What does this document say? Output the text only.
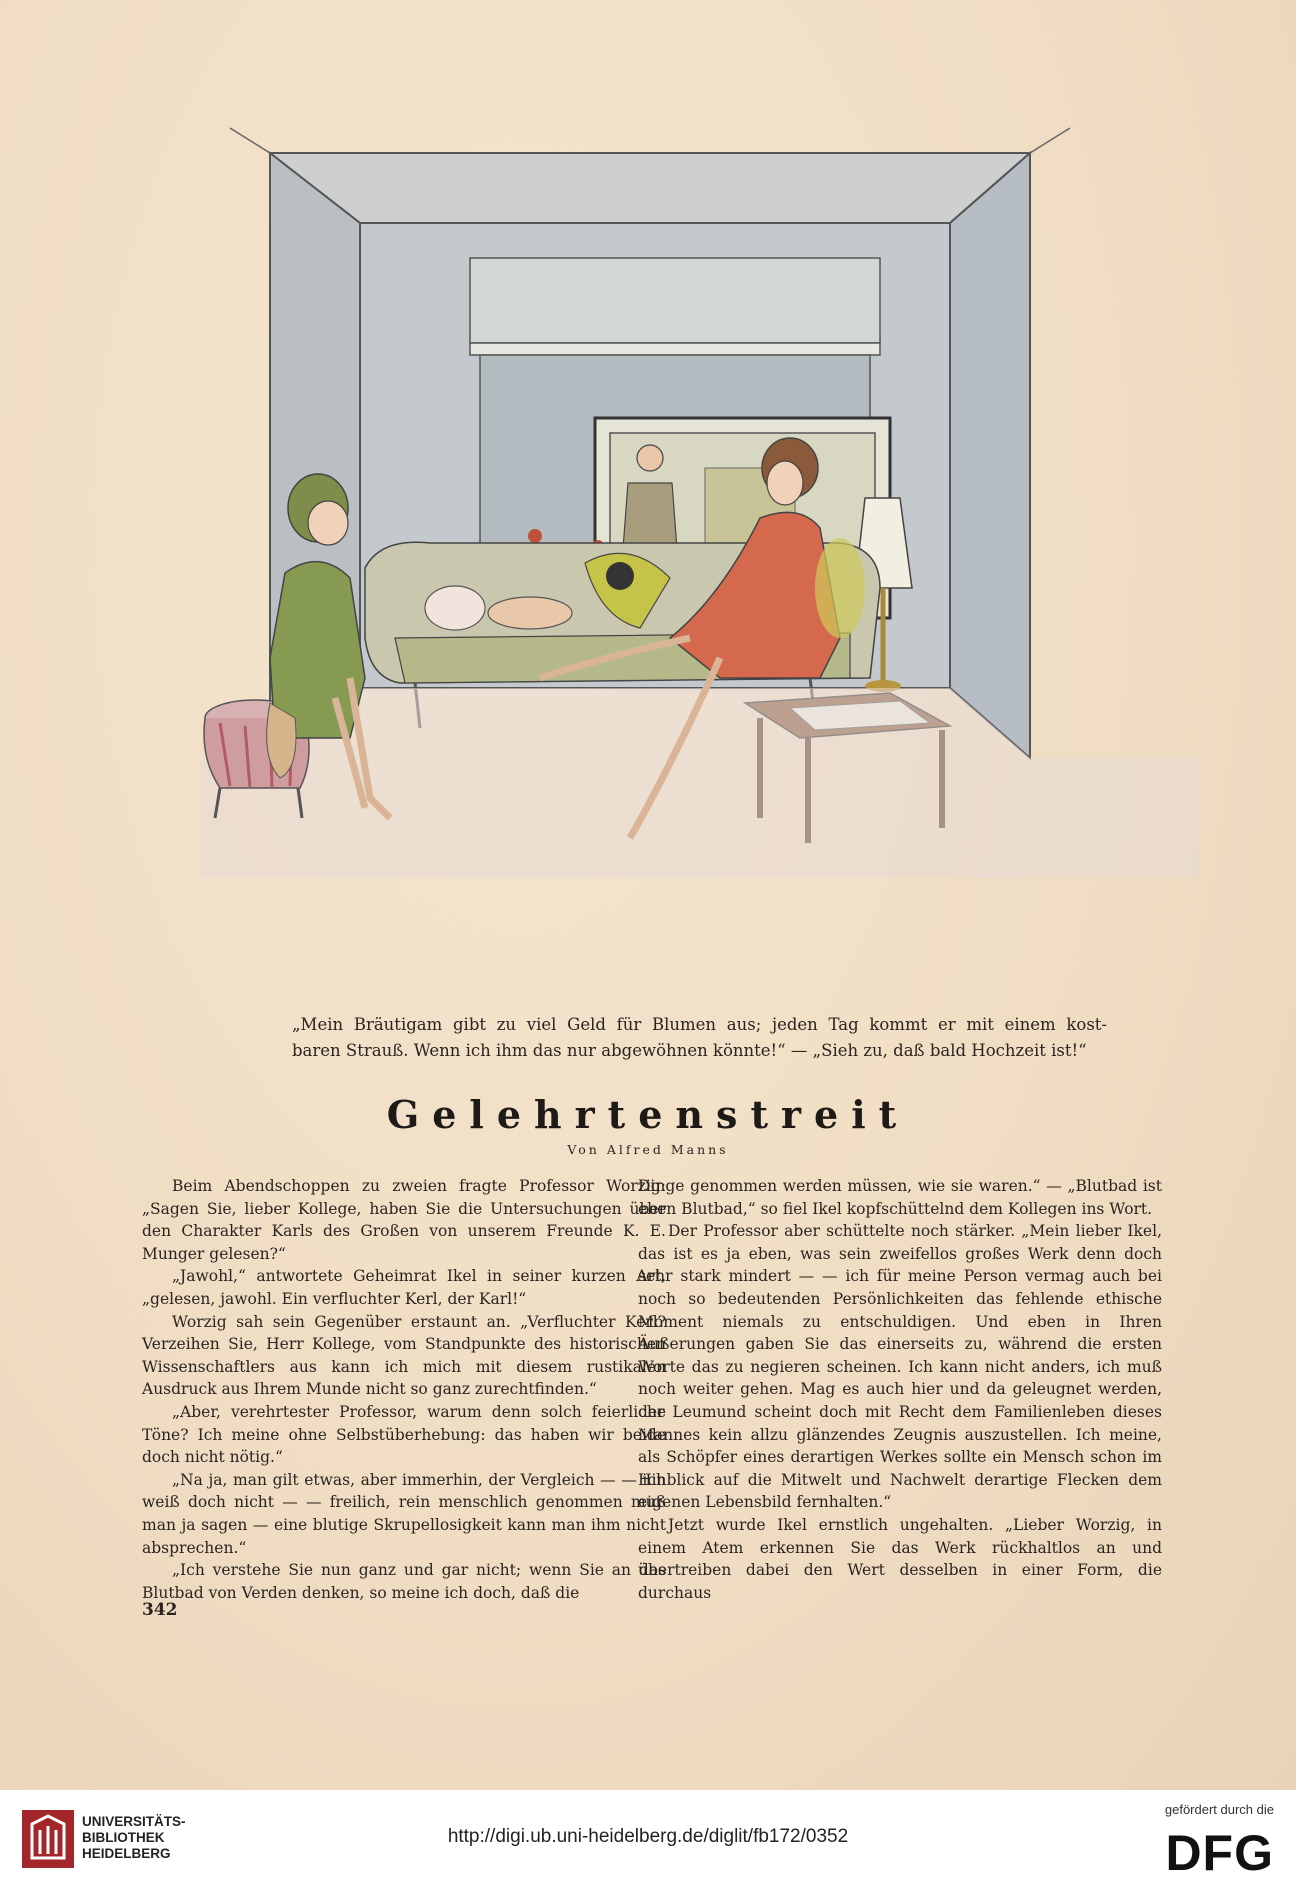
„Mein Bräutigam gibt zu viel Geld für Blumen aus; jeden Tag kommt er mit einem kost-
baren Strauß. Wenn ich ihm das nur abgewöhnen könnte!“ — „Sieh zu, daß bald Hochzeit ist!“
Gelehrtenstreit
Von Alfred Manns

Beim Abendschoppen zu zweien fragte Professor Worzig: „Sagen Sie, lieber Kollege, haben Sie die Untersuchungen über den Charakter Karls des Großen von unserem Freunde K. E. Munger gelesen?“

„Jawohl,“ antwortete Geheimrat Ikel in seiner kurzen Art, „gelesen, jawohl. Ein verfluchter Kerl, der Karl!“

Worzig sah sein Gegenüber erstaunt an. „Verfluchter Kerl? Verzeihen Sie, Herr Kollege, vom Standpunkte des historischen Wissenschaftlers aus kann ich mich mit diesem rustikalen Ausdruck aus Ihrem Munde nicht so ganz zurechtfinden.“

„Aber, verehrtester Professor, warum denn solch feierliche Töne? Ich meine ohne Selbstüberhebung: das haben wir beide doch nicht nötig.“

„Na ja, man gilt etwas, aber immerhin, der Vergleich — — ich weiß doch nicht — — freilich, rein menschlich genommen muß man ja sagen — eine blutige Skrupellosigkeit kann man ihm nicht absprechen.“

„Ich verstehe Sie nun ganz und gar nicht; wenn Sie an das Blutbad von Verden denken, so meine ich doch, daß die

Dinge genommen werden müssen, wie sie waren.“ — „Blutbad ist eben Blutbad,“ so fiel Ikel kopfschüttelnd dem Kollegen ins Wort.

Der Professor aber schüttelte noch stärker. „Mein lieber Ikel, das ist es ja eben, was sein zweifellos großes Werk denn doch sehr stark mindert — — ich für meine Person vermag auch bei noch so bedeutenden Persönlichkeiten das fehlende ethische Moment niemals zu entschuldigen. Und eben in Ihren Äußerungen gaben Sie das einerseits zu, während die ersten Worte das zu negieren scheinen. Ich kann nicht anders, ich muß noch weiter gehen. Mag es auch hier und da geleugnet werden, der Leumund scheint doch mit Recht dem Familienleben dieses Mannes kein allzu glänzendes Zeugnis auszustellen. Ich meine, als Schöpfer eines derartigen Werkes sollte ein Mensch schon im Hinblick auf die Mitwelt und Nachwelt derartige Flecken dem eigenen Lebensbild fernhalten.“

Jetzt wurde Ikel ernstlich ungehalten. „Lieber Worzig, in einem Atem erkennen Sie das Werk rückhaltlos an und übertreiben dabei den Wert desselben in einer Form, die durchaus

342
UNIVERSITÄTS-
BIBLIOTHEK
HEIDELBERG
http://digi.ub.uni-heidelberg.de/diglit/fb172/0352
gefördert durch die
DFG
